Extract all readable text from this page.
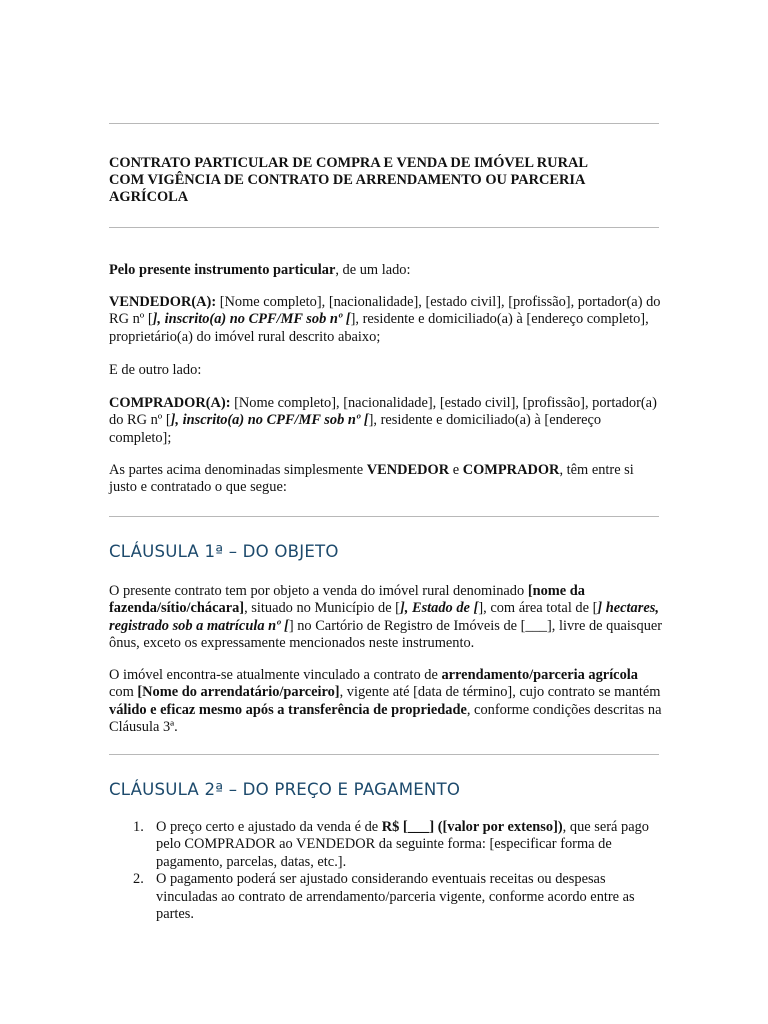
CONTRATO PARTICULAR DE COMPRA E VENDA DE IMÓVEL RURAL
COM VIGÊNCIA DE CONTRATO DE ARRENDAMENTO OU PARCERIA
AGRÍCOLA

Pelo presente instrumento particular, de um lado:

VENDEDOR(A): [Nome completo], [nacionalidade], [estado civil], [profissão], portador(a) do RG nº [], inscrito(a) no CPF/MF sob nº [], residente e domiciliado(a) à [endereço completo], proprietário(a) do imóvel rural descrito abaixo;

E de outro lado:

COMPRADOR(A): [Nome completo], [nacionalidade], [estado civil], [profissão], portador(a) do RG nº [], inscrito(a) no CPF/MF sob nº [], residente e domiciliado(a) à [endereço completo];

As partes acima denominadas simplesmente VENDEDOR e COMPRADOR, têm entre si justo e contratado o que segue:

CLÁUSULA 1ª – DO OBJETO

O presente contrato tem por objeto a venda do imóvel rural denominado [nome da fazenda/sítio/chácara], situado no Município de [], Estado de [], com área total de [] hectares, registrado sob a matrícula nº [] no Cartório de Registro de Imóveis de [___], livre de quaisquer ônus, exceto os expressamente mencionados neste instrumento.

O imóvel encontra-se atualmente vinculado a contrato de arrendamento/parceria agrícola com [Nome do arrendatário/parceiro], vigente até [data de término], cujo contrato se mantém válido e eficaz mesmo após a transferência de propriedade, conforme condições descritas na Cláusula 3ª.

CLÁUSULA 2ª – DO PREÇO E PAGAMENTO
1. O preço certo e ajustado da venda é de R$ [___] ([valor por extenso]), que será pago pelo COMPRADOR ao VENDEDOR da seguinte forma: [especificar forma de pagamento, parcelas, datas, etc.].
2. O pagamento poderá ser ajustado considerando eventuais receitas ou despesas vinculadas ao contrato de arrendamento/parceria vigente, conforme acordo entre as partes.
